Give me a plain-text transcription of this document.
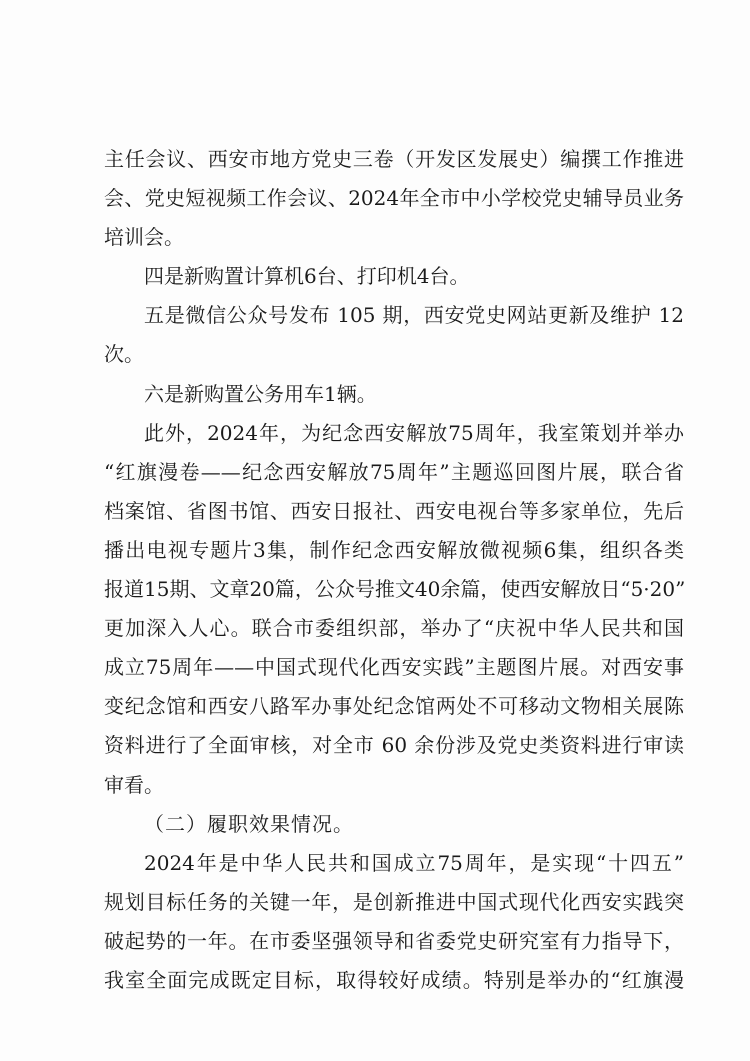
主任会议、西安市地方党史三卷（开发区发展史）编撰工作推进
会、党史短视频工作会议、2024年全市中小学校党史辅导员业务
培训会。
四是新购置计算机6台、打印机4台。
五是微信公众号发布 105 期，西安党史网站更新及维护 12
次。
六是新购置公务用车1辆。
此外，2024年，为纪念西安解放75周年，我室策划并举办
“红旗漫卷——纪念西安解放75周年”主题巡回图片展，联合省
档案馆、省图书馆、西安日报社、西安电视台等多家单位，先后
播出电视专题片3集，制作纪念西安解放微视频6集，组织各类
报道15期、文章20篇，公众号推文40余篇，使西安解放日“5·20”
更加深入人心。联合市委组织部，举办了“庆祝中华人民共和国
成立75周年——中国式现代化西安实践”主题图片展。对西安事
变纪念馆和西安八路军办事处纪念馆两处不可移动文物相关展陈
资料进行了全面审核，对全市 60 余份涉及党史类资料进行审读
审看。
（二）履职效果情况。
2024年是中华人民共和国成立75周年，是实现“十四五”
规划目标任务的关键一年，是创新推进中国式现代化西安实践突
破起势的一年。在市委坚强领导和省委党史研究室有力指导下，
我室全面完成既定目标，取得较好成绩。特别是举办的“红旗漫
